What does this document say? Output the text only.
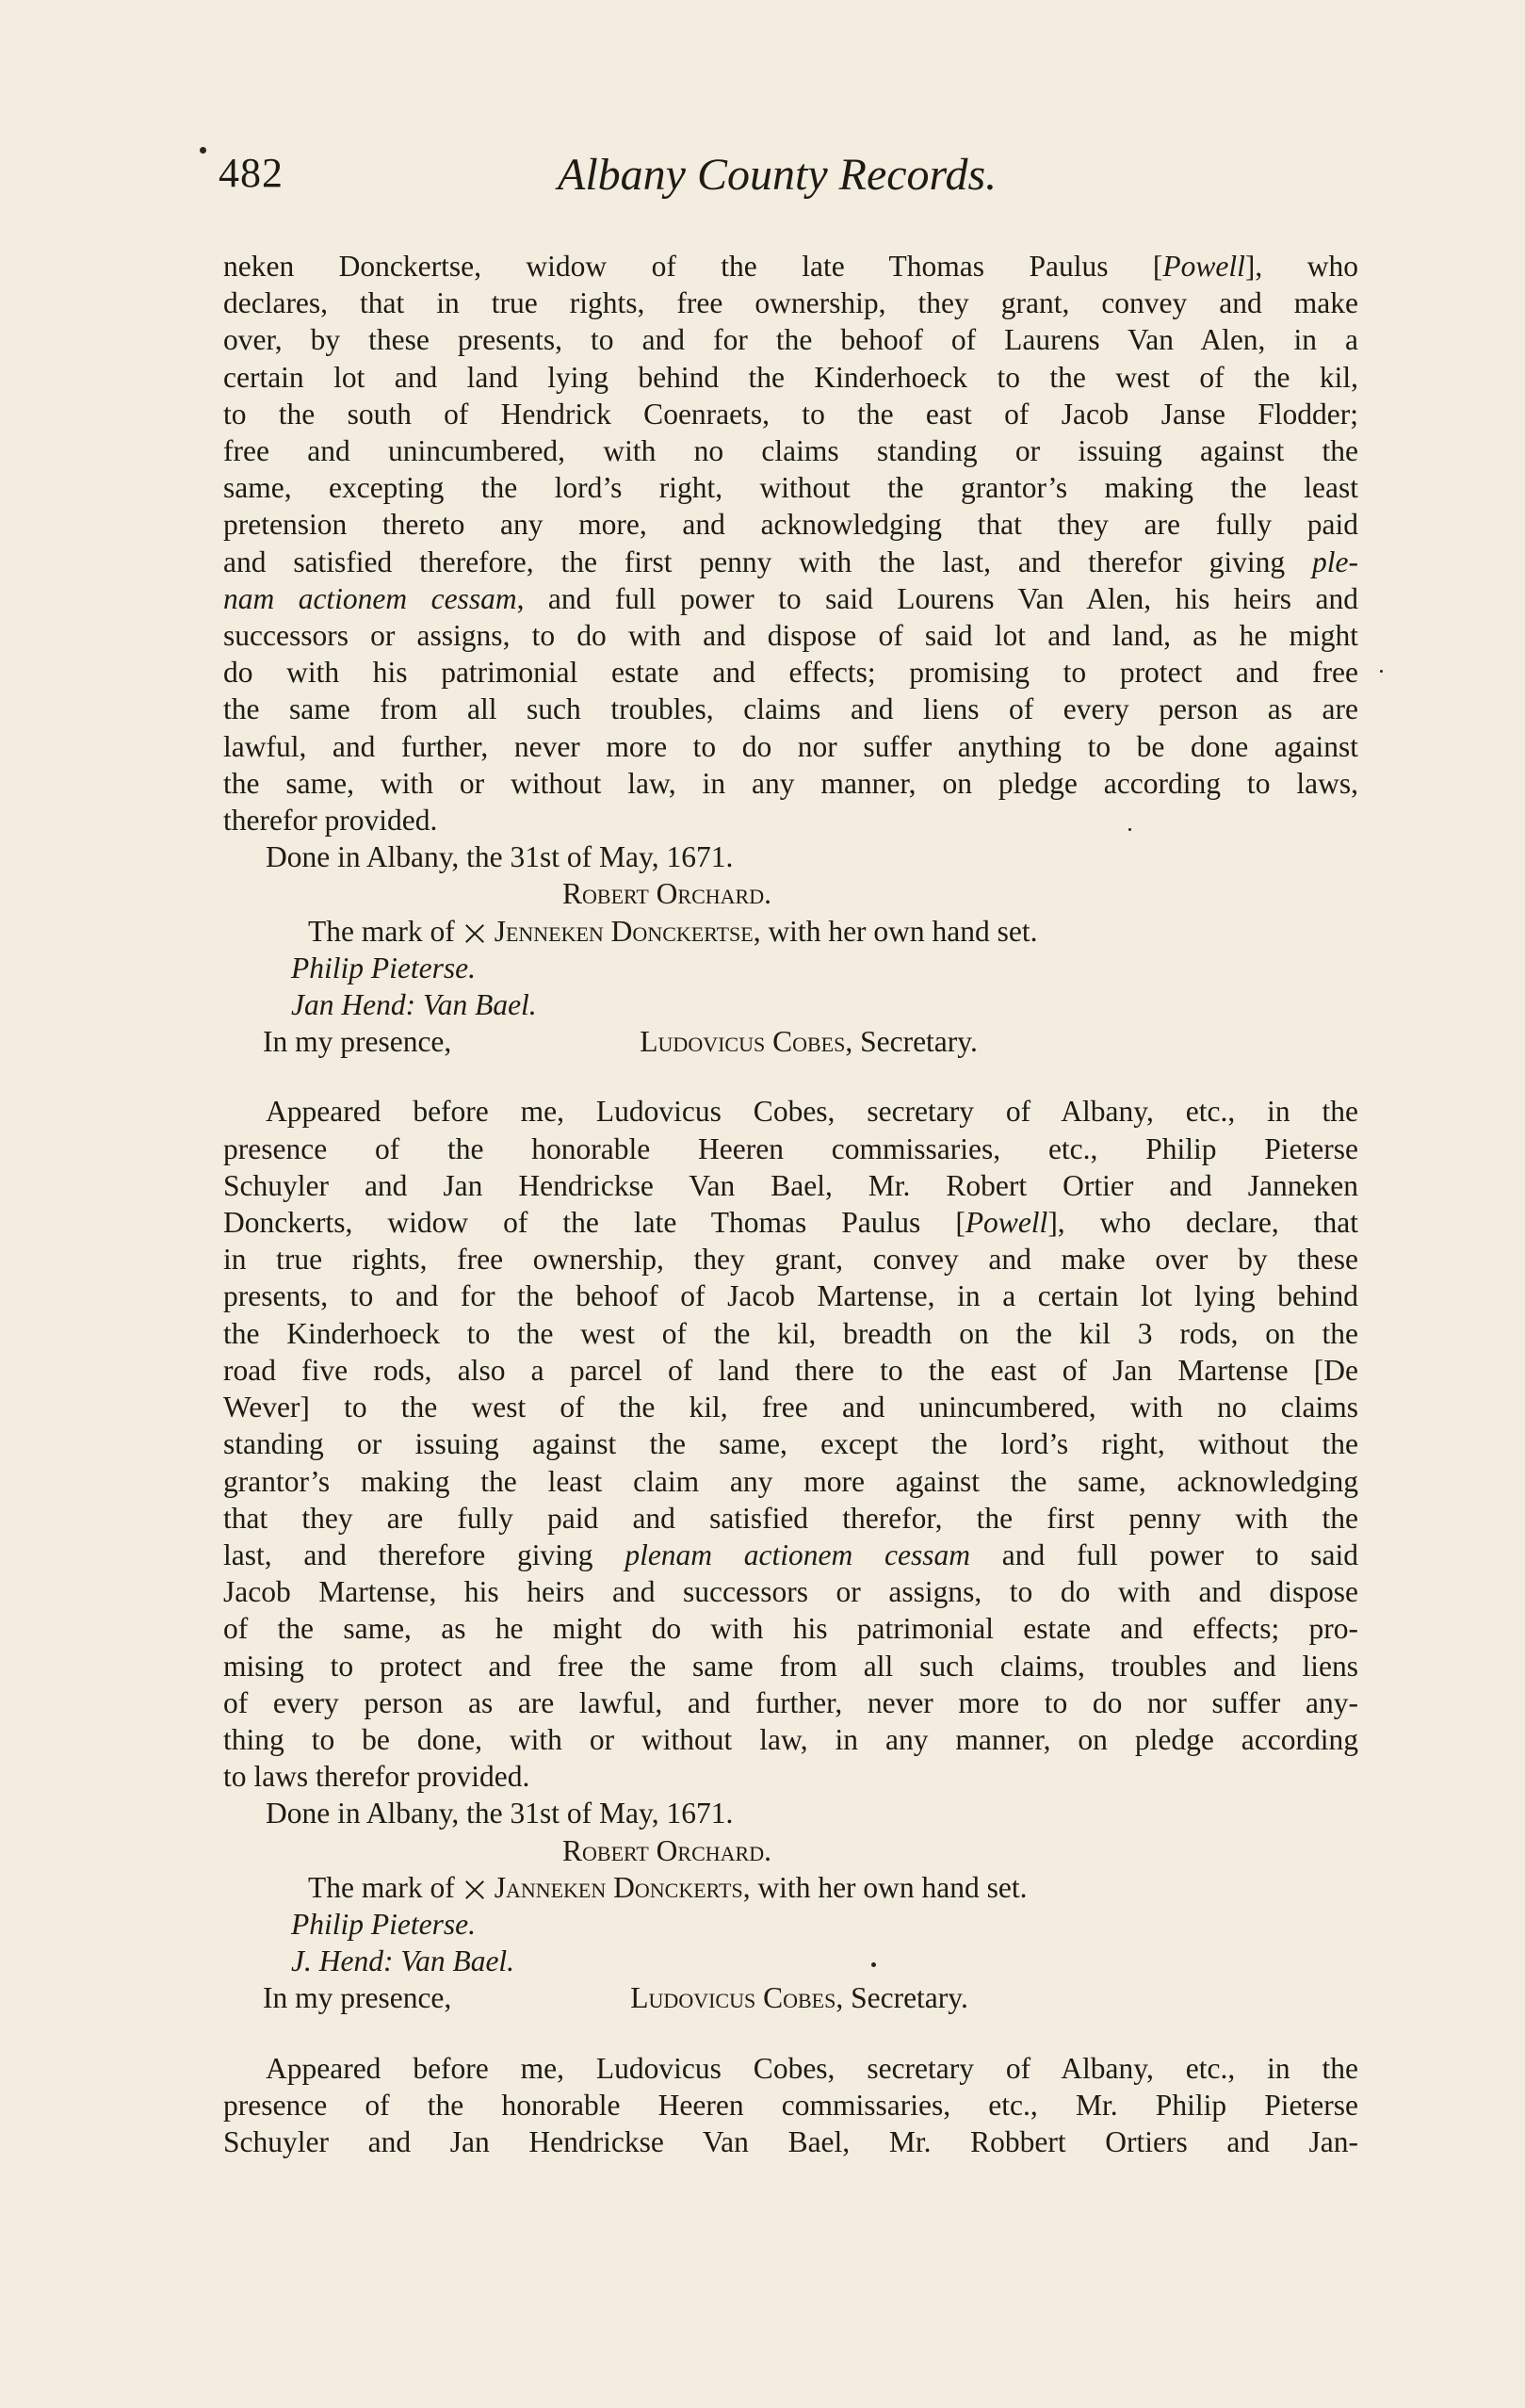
482	Albany County Records.
neken Donckertse, widow of the late Thomas Paulus [Powell], who
declares, that in true rights, free ownership, they grant, convey and make
over, by these presents, to and for the behoof of Laurens Van Alen, in a
certain lot and land lying behind the Kinderhoeck to the west of the kil,
to the south of Hendrick Coenraets, to the east of Jacob Janse Flodder;
free and unincumbered, with no claims standing or issuing against the
same, excepting the lord’s right, without the grantor’s making the least
pretension thereto any more, and acknowledging that they are fully paid
and satisfied therefore, the first penny with the last, and therefor giving ple-
nam actionem cessam, and full power to said Lourens Van Alen, his heirs and
successors or assigns, to do with and dispose of said lot and land, as he might
do with his patrimonial estate and effects; promising to protect and free
the same from all such troubles, claims and liens of every person as are
lawful, and further, never more to do nor suffer anything to be done against
the same, with or without law, in any manner, on pledge according to laws,
therefor provided.
Done in Albany, the 31st of May, 1671.
Robert Orchard.
The mark of Jenneken Donckertse, with her own hand set.
Philip Pieterse.
Jan Hend: Van Bael.
In my presence,	Ludovicus Cobes, Secretary.
Appeared before me, Ludovicus Cobes, secretary of Albany, etc., in the
presence of the honorable Heeren commissaries, etc., Philip Pieterse
Schuyler and Jan Hendrickse Van Bael, Mr. Robert Ortier and Janneken
Donckerts, widow of the late Thomas Paulus [Powell], who declare, that
in true rights, free ownership, they grant, convey and make over by these
presents, to and for the behoof of Jacob Martense, in a certain lot lying behind
the Kinderhoeck to the west of the kil, breadth on the kil 3 rods, on the
road five rods, also a parcel of land there to the east of Jan Martense [De
Wever] to the west of the kil, free and unincumbered, with no claims
standing or issuing against the same, except the lord’s right, without the
grantor’s making the least claim any more against the same, acknowledging
that they are fully paid and satisfied therefor, the first penny with the
last, and therefore giving plenam actionem cessam and full power to said
Jacob Martense, his heirs and successors or assigns, to do with and dispose
of the same, as he might do with his patrimonial estate and effects; pro-
mising to protect and free the same from all such claims, troubles and liens
of every person as are lawful, and further, never more to do nor suffer any-
thing to be done, with or without law, in any manner, on pledge according
to laws therefor provided.
Done in Albany, the 31st of May, 1671.
Robert Orchard.
The mark of Janneken Donckerts, with her own hand set.
Philip Pieterse.
J. Hend: Van Bael.
In my presence,	Ludovicus Cobes, Secretary.
Appeared before me, Ludovicus Cobes, secretary of Albany, etc., in the
presence of the honorable Heeren commissaries, etc., Mr. Philip Pieterse
Schuyler and Jan Hendrickse Van Bael, Mr. Robbert Ortiers and Jan-
